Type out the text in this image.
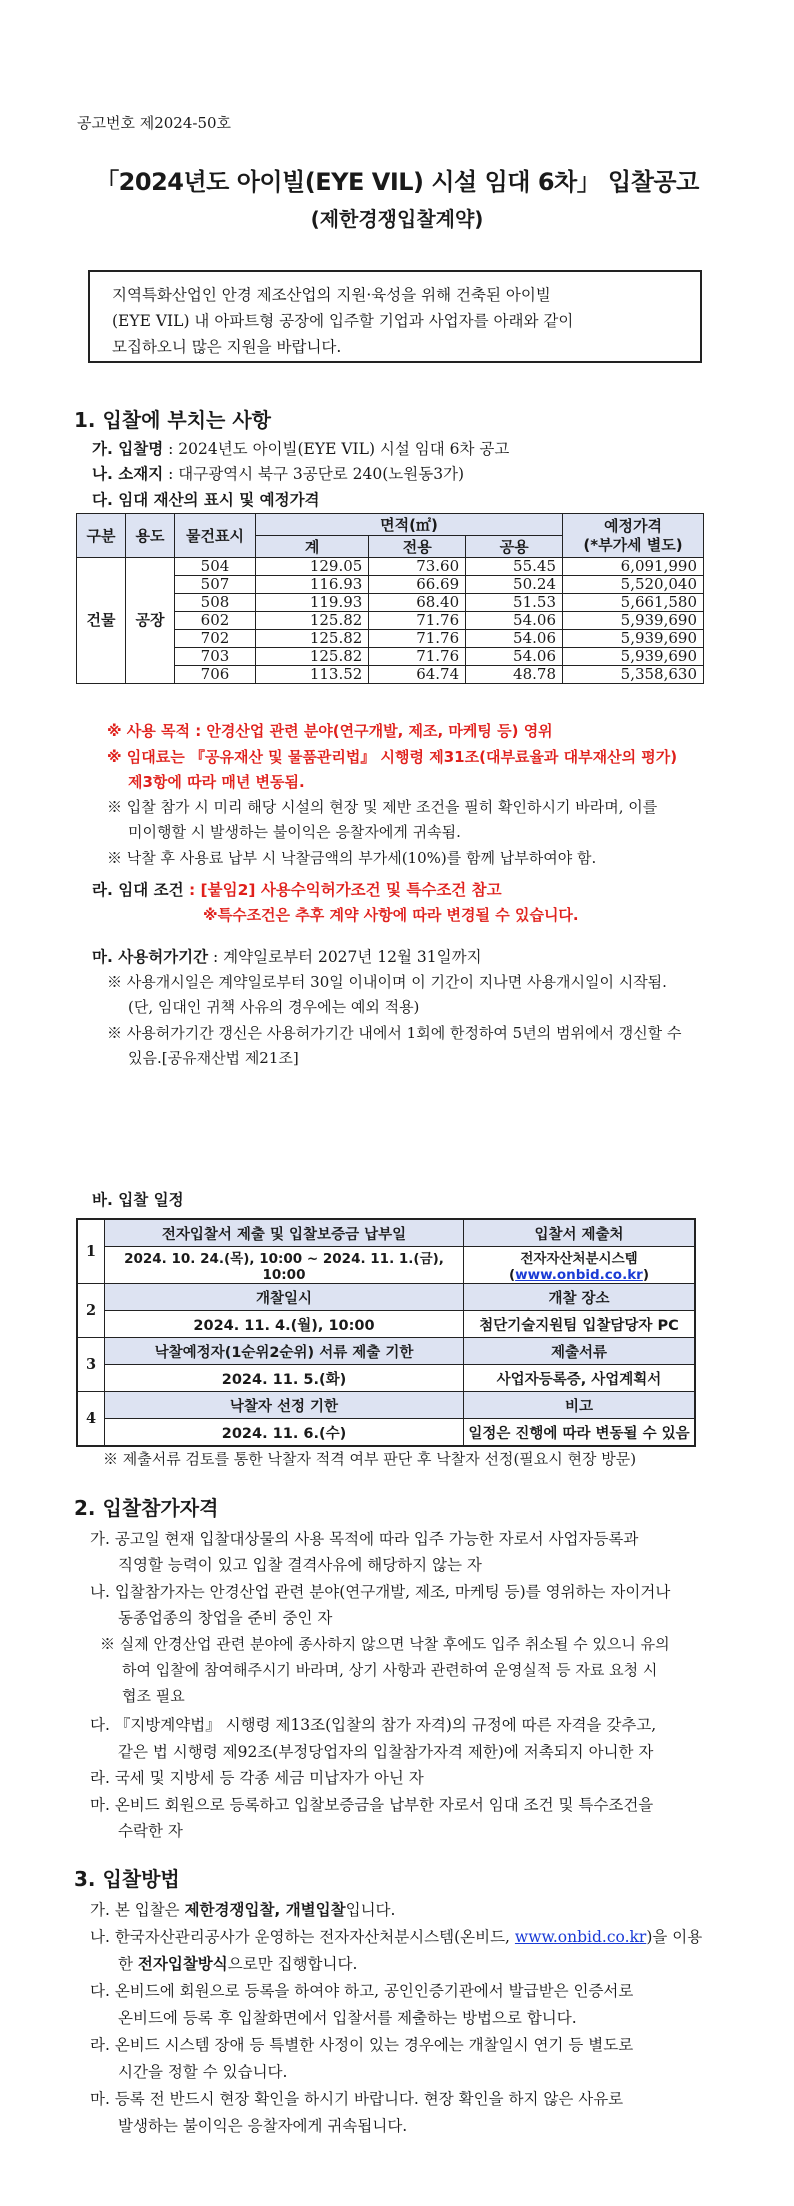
공고번호 제2024-50호
「2024년도 아이빌(EYE VIL) 시설 임대 6차」 입찰공고
(제한경쟁입찰계약)
지역특화산업인 안경 제조산업의 지원·육성을 위해 건축된 아이빌
(EYE VIL) 내 아파트형 공장에 입주할 기업과 사업자를 아래와 같이
모집하오니 많은 지원을 바랍니다.
1. 입찰에 부치는 사항
가. 입찰명 : 2024년도 아이빌(EYE VIL) 시설 임대 6차 공고
나. 소재지 : 대구광역시 북구 3공단로 240(노원동3가)
다. 임대 재산의 표시 및 예정가격
구분	용도	물건표시	면적(㎡)			예정가격
(*부가세 별도)

			계	전용	공용	
건물	공장	504	129.05	73.60	55.45	6,091,990
		507	116.93	66.69	50.24	5,520,040
		508	119.93	68.40	51.53	5,661,580
		602	125.82	71.76	54.06	5,939,690
		702	125.82	71.76	54.06	5,939,690
		703	125.82	71.76	54.06	5,939,690
		706	113.52	64.74	48.78	5,358,630
※ 사용 목적 : 안경산업 관련 분야(연구개발, 제조, 마케팅 등) 영위
※ 임대료는 『공유재산 및 물품관리법』 시행령 제31조(대부료율과 대부재산의 평가)
제3항에 따라 매년 변동됨.
※ 입찰 참가 시 미리 해당 시설의 현장 및 제반 조건을 필히 확인하시기 바라며, 이를
미이행할 시 발생하는 불이익은 응찰자에게 귀속됨.
※ 낙찰 후 사용료 납부 시 낙찰금액의 부가세(10%)를 함께 납부하여야 함.
라. 임대 조건 : [붙임2] 사용수익허가조건 및 특수조건 참고
※특수조건은 추후 계약 사항에 따라 변경될 수 있습니다.
마. 사용허가기간 : 계약일로부터 2027년 12월 31일까지
※ 사용개시일은 계약일로부터 30일 이내이며 이 기간이 지나면 사용개시일이 시작됨.
(단, 임대인 귀책 사유의 경우에는 예외 적용)
※ 사용허가기간 갱신은 사용허가기간 내에서 1회에 한정하여 5년의 범위에서 갱신할 수
있음.[공유재산법 제21조]
바. 입찰 일정
1	전자입찰서 제출 및 입찰보증금 납부일	입찰서 제출처
	2024. 10. 24.(목), 10:00 ~ 2024. 11. 1.(금), 10:00	전자자산처분시스템 (www.onbid.co.kr)
2	개찰일시	개찰 장소
	2024. 11. 4.(월), 10:00	첨단기술지원팀 입찰담당자 PC
3	낙찰예정자(1순위2순위) 서류 제출 기한	제출서류
	2024. 11. 5.(화)	사업자등록증, 사업계획서
4	낙찰자 선정 기한	비고
	2024. 11. 6.(수)	일정은 진행에 따라 변동될 수 있음
※ 제출서류 검토를 통한 낙찰자 적격 여부 판단 후 낙찰자 선정(필요시 현장 방문)
2. 입찰참가자격
가. 공고일 현재 입찰대상물의 사용 목적에 따라 입주 가능한 자로서 사업자등록과
직영할 능력이 있고 입찰 결격사유에 해당하지 않는 자
나. 입찰참가자는 안경산업 관련 분야(연구개발, 제조, 마케팅 등)를 영위하는 자이거나
동종업종의 창업을 준비 중인 자
※ 실제 안경산업 관련 분야에 종사하지 않으면 낙찰 후에도 입주 취소될 수 있으니 유의
하여 입찰에 참여해주시기 바라며, 상기 사항과 관련하여 운영실적 등 자료 요청 시
협조 필요
다. 『지방계약법』 시행령 제13조(입찰의 참가 자격)의 규정에 따른 자격을 갖추고,
같은 법 시행령 제92조(부정당업자의 입찰참가자격 제한)에 저촉되지 아니한 자
라. 국세 및 지방세 등 각종 세금 미납자가 아닌 자
마. 온비드 회원으로 등록하고 입찰보증금을 납부한 자로서 임대 조건 및 특수조건을
수락한 자
3. 입찰방법
가. 본 입찰은 제한경쟁입찰, 개별입찰입니다.
나. 한국자산관리공사가 운영하는 전자자산처분시스템(온비드, www.onbid.co.kr)을 이용
한 전자입찰방식으로만 집행합니다.
다. 온비드에 회원으로 등록을 하여야 하고, 공인인증기관에서 발급받은 인증서로
온비드에 등록 후 입찰화면에서 입찰서를 제출하는 방법으로 합니다.
라. 온비드 시스템 장애 등 특별한 사정이 있는 경우에는 개찰일시 연기 등 별도로
시간을 정할 수 있습니다.
마. 등록 전 반드시 현장 확인을 하시기 바랍니다. 현장 확인을 하지 않은 사유로
발생하는 불이익은 응찰자에게 귀속됩니다.
